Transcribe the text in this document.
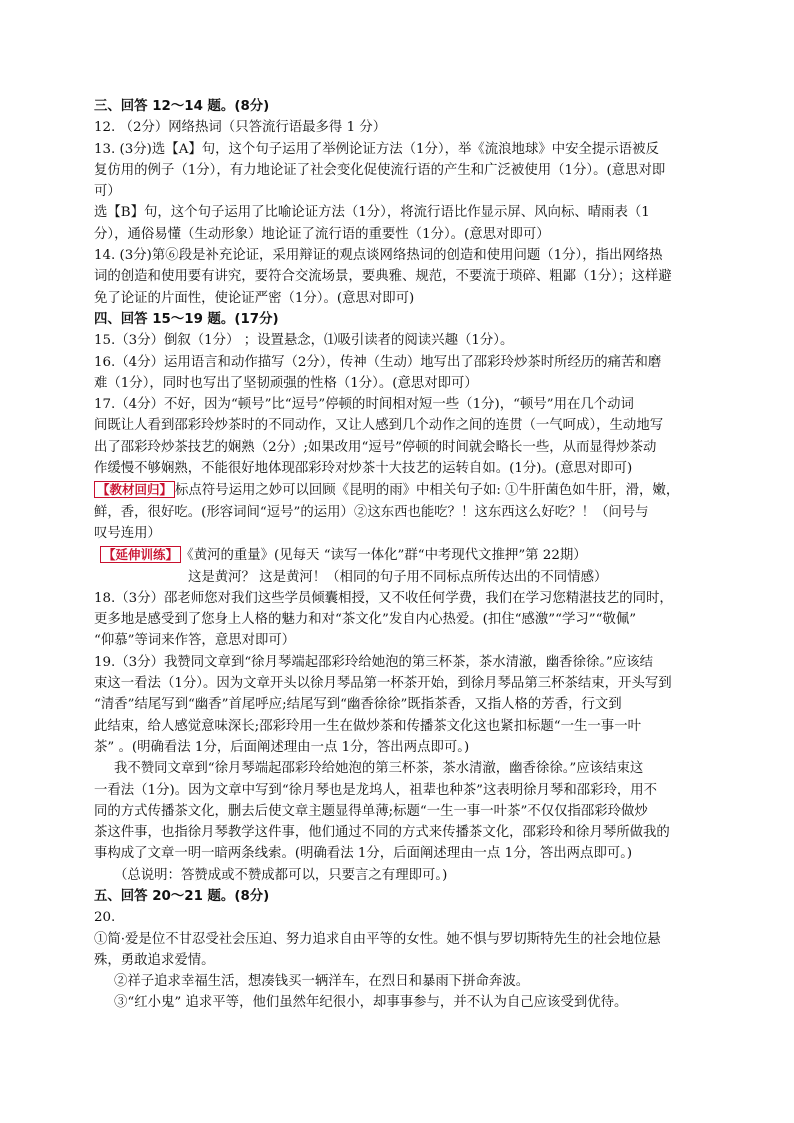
三、回答 12～14 题。(8分)
12. （2分）网络热词（只答流行语最多得 1 分）
13. (3分)选【A】句，这个句子运用了举例论证方法（1分），举《流浪地球》中安全提示语被反
复仿用的例子（1分），有力地论证了社会变化促使流行语的产生和广泛被使用（1分）。(意思对即
可）
选【B】句，这个句子运用了比喻论证方法（1分），将流行语比作显示屏、风向标、晴雨表（1
分），通俗易懂（生动形象）地论证了流行语的重要性（1分）。(意思对即可）
14. (3分)第⑥段是补充论证，采用辩证的观点谈网络热词的创造和使用问题（1分），指出网络热
词的创造和使用要有讲究，要符合交流场景，要典雅、规范，不要流于琐碎、粗鄙（1分）；这样避
免了论证的片面性，使论证严密（1分）。(意思对即可)
四、回答 15～19 题。(17分)
15.（3分）倒叙（1分） ；设置悬念，⑴吸引读者的阅读兴趣（1分）。
16.（4分）运用语言和动作描写（2分），传神（生动）地写出了邵彩玲炒茶时所经历的痛苦和磨
难（1分），同时也写出了坚韧顽强的性格（1分）。(意思对即可）
17.（4分）不好，因为“顿号”比“逗号”停顿的时间相对短一些（1分)，“顿号”用在几个动词
间既让人看到邵彩玲炒茶时的不同动作，又让人感到几个动作之间的连贯（一气呵成），生动地写
出了邵彩玲炒茶技艺的娴熟（2分）;如果改用“逗号”停顿的时间就会略长一些，从而显得炒茶动
作缓慢不够娴熟，不能很好地体现邵彩玲对炒茶十大技艺的运转自如。(1分)。(意思对即可)
【教材回归】 标点符号运用之妙可以回顾《昆明的雨》中相关句子如: ①牛肝菌色如牛肝，滑，嫩，
鲜，香，很好吃。(形容词间“逗号”的运用）②这东西也能吃？！这东西这么好吃？！（问号与
叹号连用）
【延伸训练】 《黄河的重量》(见每天 “读写一体化”群“中考现代文推押”第 22期）
这是黄河？ 这是黄河！（相同的句子用不同标点所传达出的不同情感）
18.（3分）邵老师您对我们这些学员倾囊相授，又不收任何学费，我们在学习您精湛技艺的同时，
更多地是感受到了您身上人格的魅力和对“茶文化”发自内心热爱。(扣住“感激”“学习”“敬佩”
“仰慕”等词来作答，意思对即可）
19.（3分）我赞同文章到“徐月琴端起邵彩玲给她泡的第三杯茶，茶水清澈，幽香徐徐。”应该结
束这一看法（1分）。因为文章开头以徐月琴品第一杯茶开始，到徐月琴品第三杯茶结束，开头写到
“清香”结尾写到“幽香”首尾呼应;结尾写到“幽香徐徐”既指茶香，又指人格的芳香，行文到
此结束，给人感觉意味深长;邵彩玲用一生在做炒茶和传播茶文化这也紧扣标题“一生一事一叶
茶” 。(明确看法 1分，后面阐述理由一点 1分，答出两点即可。)
我不赞同文章到“徐月琴端起邵彩玲给她泡的第三杯茶，茶水清澈，幽香徐徐。”应该结束这
一看法（1分)。因为文章中写到“徐月琴也是龙坞人，祖辈也种茶”这表明徐月琴和邵彩玲，用不
同的方式传播茶文化，删去后使文章主题显得单薄;标题“一生一事一叶茶”不仅仅指邵彩玲做炒
茶这件事，也指徐月琴教学这件事，他们通过不同的方式来传播茶文化，邵彩玲和徐月琴所做我的
事构成了文章一明一暗两条线索。(明确看法 1分，后面阐述理由一点 1分，答出两点即可。)
（总说明：答赞成或不赞成都可以，只要言之有理即可。)
五、回答 20～21 题。(8分)
20.
①简·爱是位不甘忍受社会压迫、努力追求自由平等的女性。她不惧与罗切斯特先生的社会地位悬
殊，勇敢追求爱情。
②祥子追求幸福生活，想凑钱买一辆洋车，在烈日和暴雨下拼命奔波。
③“红小鬼” 追求平等，他们虽然年纪很小，却事事参与，并不认为自己应该受到优待。
